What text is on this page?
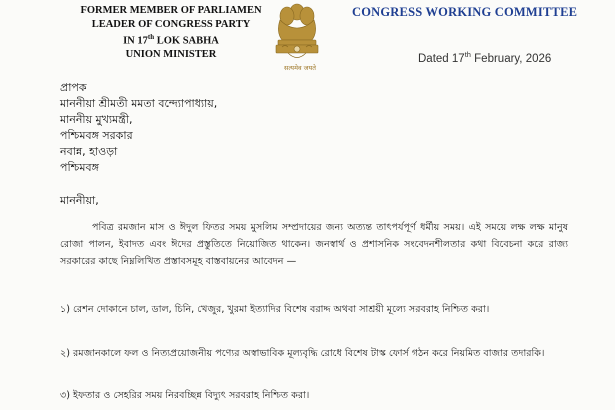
FORMER MEMBER OF PARLIAMEN
LEADER OF CONGRESS PARTY
IN 17th LOK SABHA
UNION MINISTER
सत्यमेव जयते
CONGRESS WORKING COMMITTEE
Dated 17th February, 2026
প্রাপক
মাননীয়া শ্রীমতী মমতা বন্দ্যোপাধ্যায়,
মাননীয় মুখ্যমন্ত্রী,
পশ্চিমবঙ্গ সরকার
নবান্ন, হাওড়া
পশ্চিমবঙ্গ
মাননীয়া,
পবিত্র রমজান মাস ও ঈদুল ফিতর সময় মুসলিম সম্প্রদায়ের জন্য অত্যন্ত তাৎপর্যপূর্ণ ধর্মীয় সময়। এই সময়ে লক্ষ লক্ষ মানুষ রোজা পালন, ইবাদত এবং ঈদের প্রস্তুতিতে নিয়োজিত থাকেন। জনস্বার্থ ও প্রশাসনিক সংবেদনশীলতার কথা বিবেচনা করে রাজ্য সরকারের কাছে নিম্নলিখিত প্রস্তাবসমূহ বাস্তবায়নের আবেদন —
১) রেশন দোকানে চাল, ডাল, চিনি, খেজুর, খুরমা ইত্যাদির বিশেষ বরাদ্দ অথবা সাশ্রয়ী মূল্যে সরবরাহ নিশ্চিত করা।
২) রমজানকালে ফল ও নিত্যপ্রয়োজনীয় পণ্যের অস্বাভাবিক মূল্যবৃদ্ধি রোধে বিশেষ টাস্ক ফোর্স গঠন করে নিয়মিত বাজার তদারকি।
৩) ইফতার ও সেহরির সময় নিরবচ্ছিন্ন বিদ্যুৎ সরবরাহ নিশ্চিত করা।
